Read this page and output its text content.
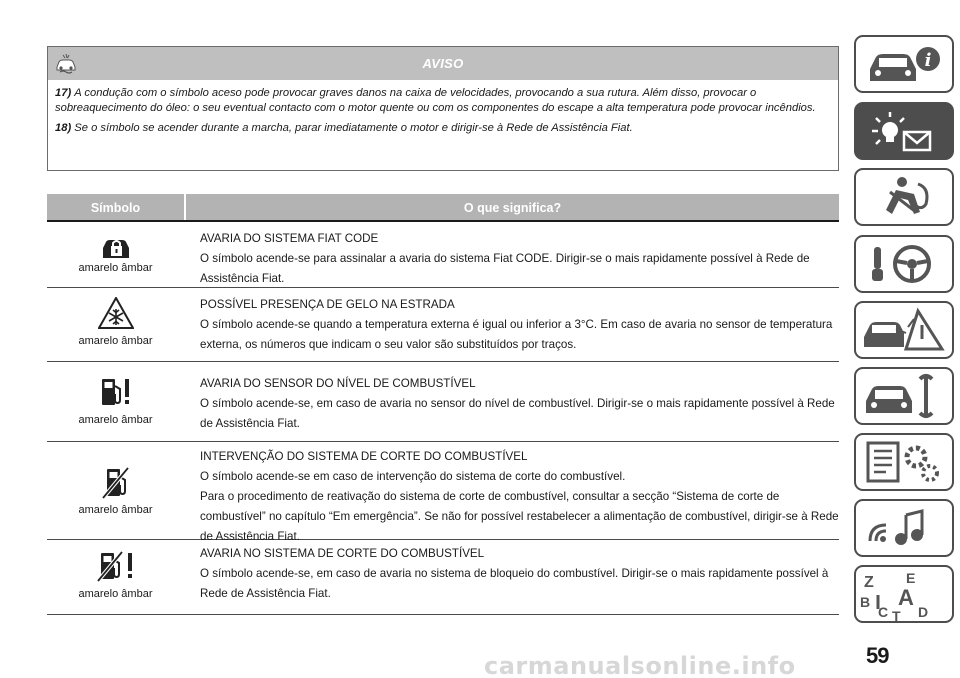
AVISO

17) A condução com o símbolo aceso pode provocar graves danos na caixa de velocidades, provocando a sua rutura. Além disso, provocar o sobreaquecimento do óleo: o seu eventual contacto com o motor quente ou com os componentes do escape a alta temperatura pode provocar incêndios.

18) Se o símbolo se acender durante a marcha, parar imediatamente o motor e dirigir-se à Rede de Assistência Fiat.

Símbolo	O que significa?
amarelo âmbar
AVARIA DO SISTEMA FIAT CODE
O símbolo acende-se para assinalar a avaria do sistema Fiat CODE. Dirigir-se o mais rapidamente possível à Rede de Assistência Fiat.
amarelo âmbar
POSSÍVEL PRESENÇA DE GELO NA ESTRADA
O símbolo acende-se quando a temperatura externa é igual ou inferior a 3°C. Em caso de avaria no sensor de temperatura externa, os números que indicam o seu valor são substituídos por traços.
amarelo âmbar
AVARIA DO SENSOR DO NÍVEL DE COMBUSTÍVEL
O símbolo acende-se, em caso de avaria no sensor do nível de combustível. Dirigir-se o mais rapidamente possível à Rede de Assistência Fiat.
amarelo âmbar
INTERVENÇÃO DO SISTEMA DE CORTE DO COMBUSTÍVEL
O símbolo acende-se em caso de intervenção do sistema de corte do combustível.
Para o procedimento de reativação do sistema de corte de combustível, consultar a secção “Sistema de corte de combustível” no capítulo “Em emergência”. Se não for possível restabelecer a alimentação de combustível, dirigir-se à Rede de Assistência Fiat.
amarelo âmbar
AVARIA NO SISTEMA DE CORTE DO COMBUSTÍVEL
O símbolo acende-se, em caso de avaria no sistema de bloqueio do combustível. Dirigir-se o mais rapidamente possível à Rede de Assistência Fiat.
i
Z E
B A
C D
T
59
carmanualsonline.info
